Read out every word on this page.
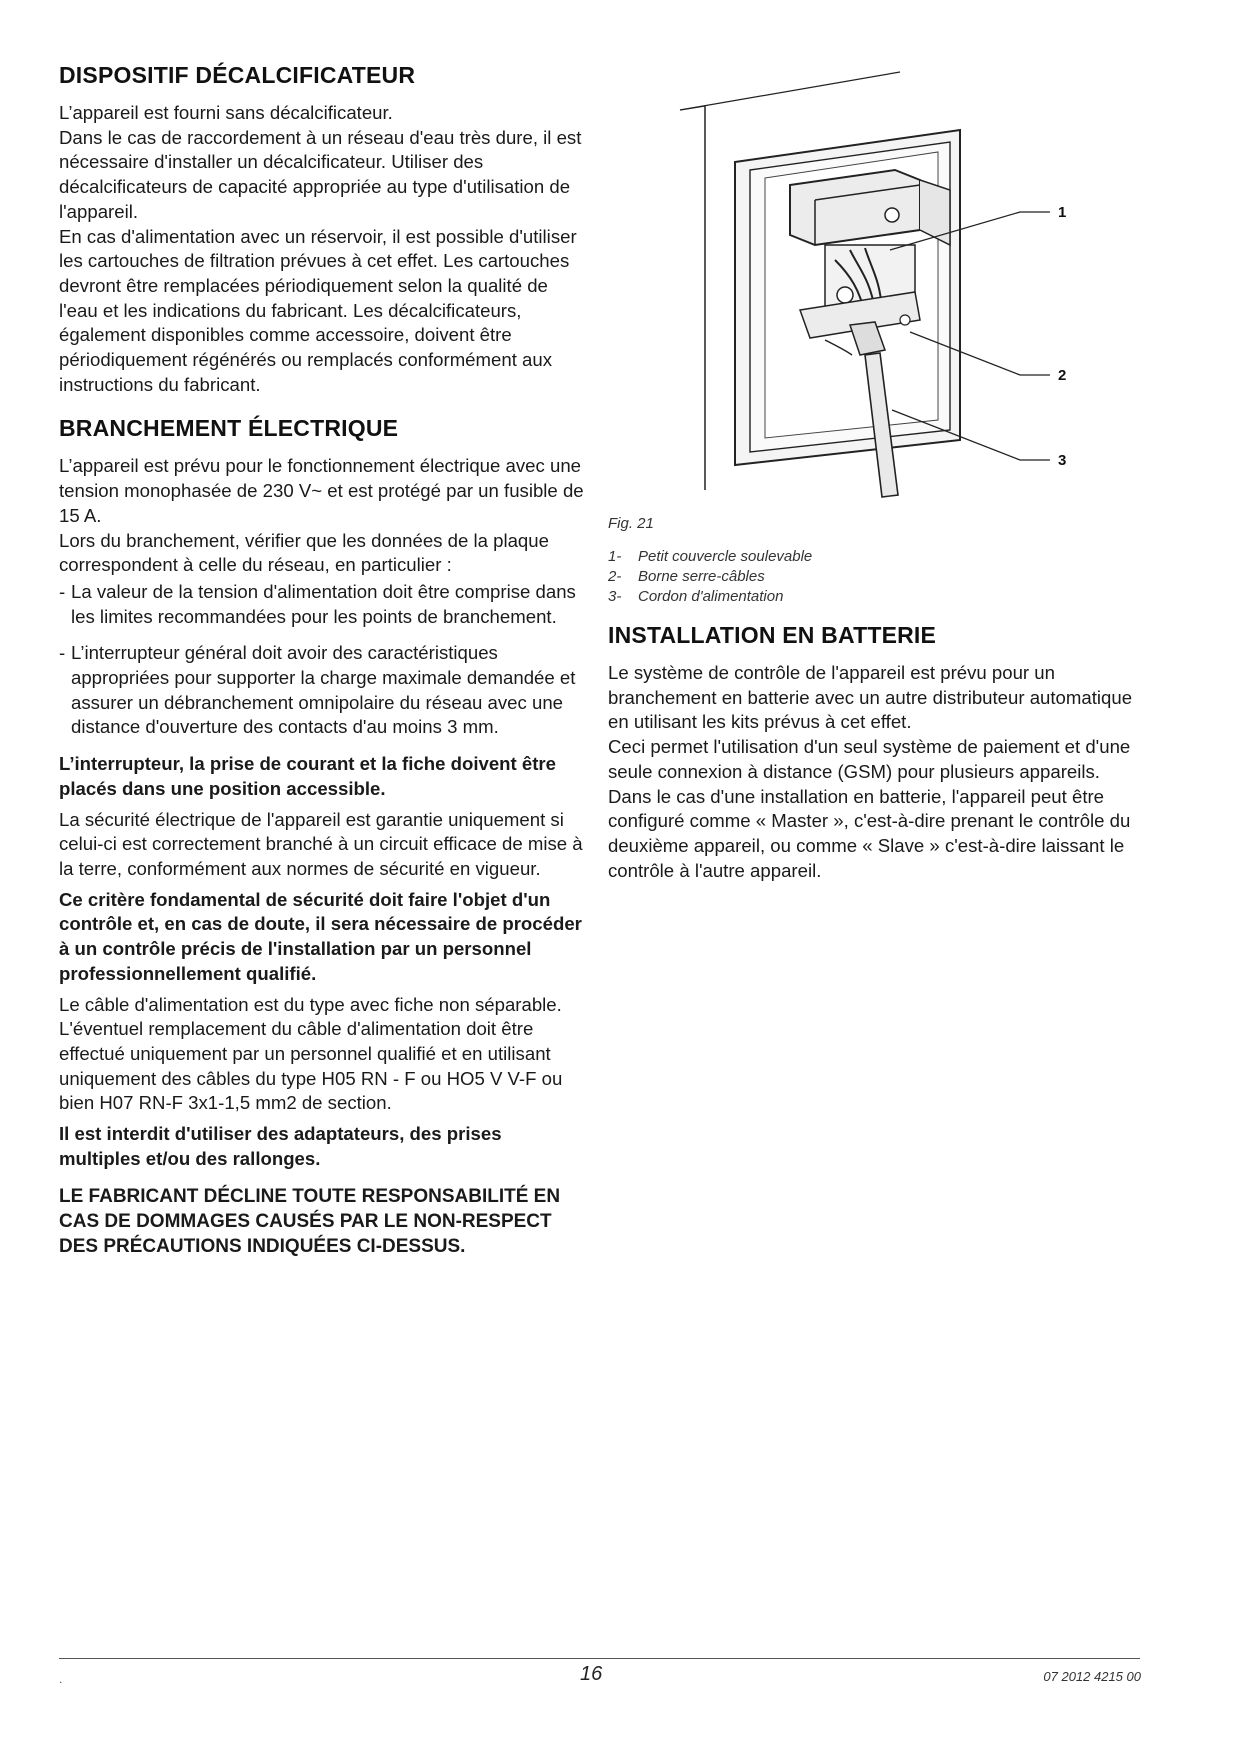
DISPOSITIF DÉCALCIFICATEUR

L’appareil est fourni sans décalcificateur.
Dans le cas de raccordement à un réseau d'eau très dure, il est nécessaire d'installer un décalcificateur. Utiliser des décalcificateurs de capacité appropriée au type d'utilisation de l'appareil.
En cas d'alimentation avec un réservoir, il est possible d'utiliser les cartouches de filtration prévues à cet effet. Les cartouches devront être remplacées périodiquement selon la qualité de l'eau et les indications du fabricant. Les décalcificateurs, également disponibles comme accessoire, doivent être périodiquement régénérés ou remplacés conformément aux instructions du fabricant.

BRANCHEMENT ÉLECTRIQUE

L’appareil est prévu pour le fonctionnement électrique avec une tension monophasée de 230 V~ et est protégé par un fusible de 15 A.
Lors du branchement, vérifier que les données de la plaque correspondent à celle du réseau, en particulier :

- La valeur de la tension d'alimentation doit être comprise dans les limites recommandées pour les points de branchement.
- L’interrupteur général doit avoir des caractéristiques appropriées pour supporter la charge maximale demandée et assurer un débranchement omnipolaire du réseau avec une distance d'ouverture des contacts d'au moins 3 mm.

L’interrupteur, la prise de courant et la fiche doivent être placés dans une position accessible.

La sécurité électrique de l'appareil est garantie uniquement si celui-ci est correctement branché à un circuit efficace de mise à la terre, conformément aux normes de sécurité en vigueur.

Ce critère fondamental de sécurité doit faire l'objet d'un contrôle et, en cas de doute, il sera nécessaire de procéder à un contrôle précis de l'installation par un personnel professionnellement qualifié.

Le câble d'alimentation est du type avec fiche non séparable. L'éventuel remplacement du câble d'alimentation doit être effectué uniquement par un personnel qualifié et en utilisant uniquement des câbles du type H05 RN - F ou HO5 V V-F ou bien H07 RN-F 3x1-1,5 mm2 de section.

Il est interdit d'utiliser des adaptateurs, des prises multiples et/ou des rallonges.

LE FABRICANT DÉCLINE TOUTE RESPONSABILITÉ EN CAS DE DOMMAGES CAUSÉS PAR LE NON-RESPECT DES PRÉCAUTIONS INDIQUÉES CI-DESSUS.

1
2
3
Fig. 21
1- Petit couvercle soulevable
2- Borne serre-câbles
3- Cordon d'alimentation
INSTALLATION EN BATTERIE

Le système de contrôle de l'appareil est prévu pour un branchement en batterie avec un autre distributeur automatique en utilisant les kits prévus à cet effet.
Ceci permet l'utilisation d'un seul système de paiement et d'une seule connexion à distance (GSM) pour plusieurs appareils.
Dans le cas d'une installation en batterie, l'appareil peut être configuré comme « Master », c'est-à-dire prenant le contrôle du deuxième appareil, ou comme « Slave » c'est-à-dire laissant le contrôle à l'autre appareil.

.	16	07 2012 4215 00
